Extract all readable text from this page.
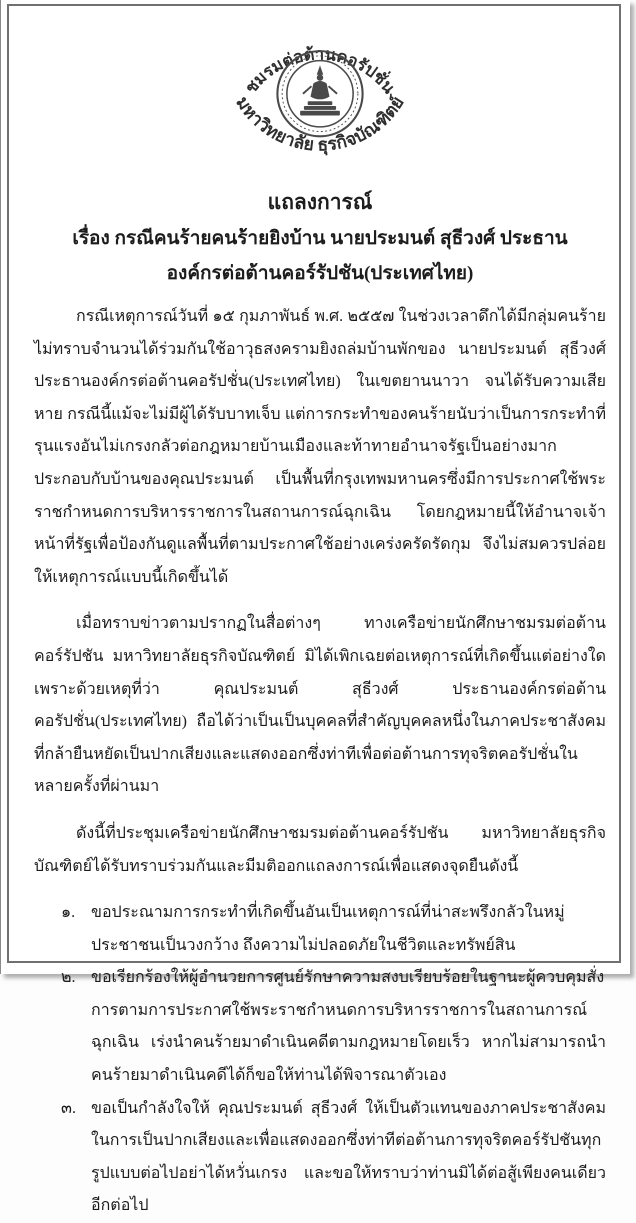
ชมรมต่อต้านคอรัปชั่น
มหาวิทยาลัย ธุรกิจบัณฑิตย์
แถลงการณ์
เรื่อง กรณีคนร้ายคนร้ายยิงบ้าน นายประมนต์ สุธีวงศ์ ประธานองค์กรต่อต้านคอร์รัปชัน(ประเทศไทย)

กรณีเหตุการณ์วันที่ ๑๕ กุมภาพันธ์ พ.ศ. ๒๕๕๗ ในช่วงเวลาดึกได้มีกลุ่มคนร้ายไม่ทราบจำนวนได้ร่วมกันใช้อาวุธสงครามยิงถล่มบ้านพักของ นายประมนต์ สุธีวงศ์ ประธานองค์กรต่อต้านคอรัปชั่น(ประเทศไทย) ในเขตยานนาวา จนได้รับความเสียหาย กรณีนี้แม้จะไม่มีผู้ได้รับบาทเจ็บ แต่การกระทำของคนร้ายนับว่าเป็นการกระทำที่รุนแรงอันไม่เกรงกลัวต่อกฎหมายบ้านเมืองและท้าทายอำนาจรัฐเป็นอย่างมาก ประกอบกับบ้านของคุณประมนต์ เป็นพื้นที่กรุงเทพมหานครซึ่งมีการประกาศใช้พระราชกำหนดการบริหารราชการในสถานการณ์ฉุกเฉิน โดยกฎหมายนี้ให้อำนาจเจ้าหน้าที่รัฐเพื่อป้องกันดูแลพื้นที่ตามประกาศใช้อย่างเคร่งครัดรัดกุม จึงไม่สมควรปล่อยให้เหตุการณ์แบบนี้เกิดขึ้นได้

เมื่อทราบข่าวตามปรากฏในสื่อต่างๆ ทางเครือข่ายนักศึกษาชมรมต่อต้านคอร์รัปชัน มหาวิทยาลัยธุรกิจบัณฑิตย์ มิได้เพิกเฉยต่อเหตุการณ์ที่เกิดขึ้นแต่อย่างใด เพราะด้วยเหตุที่ว่า คุณประมนต์ สุธีวงศ์ ประธานองค์กรต่อต้านคอรัปชั่น(ประเทศไทย) ถือได้ว่าเป็นเป็นบุคคลที่สำคัญบุคคลหนึ่งในภาคประชาสังคมที่กล้ายืนหยัดเป็นปากเสียงและแสดงออกซึ่งท่าทีเพื่อต่อต้านการทุจริตคอรัปชั่นในหลายครั้งที่ผ่านมา

ดังนี้ที่ประชุมเครือข่ายนักศึกษาชมรมต่อต้านคอร์รัปชัน มหาวิทยาลัยธุรกิจบัณฑิตย์ได้รับทราบร่วมกันและมีมติออกแถลงการณ์เพื่อแสดงจุดยืนดังนี้

๑. ขอประณามการกระทำที่เกิดขึ้นอันเป็นเหตุการณ์ที่น่าสะพรึงกลัวในหมู่ประชาชนเป็นวงกว้าง ถึงความไม่ปลอดภัยในชีวิตและทรัพย์สิน
๒. ขอเรียกร้องให้ผู้อำนวยการศูนย์รักษาความสงบเรียบร้อยในฐานะผู้ควบคุมสั่งการตามการประกาศใช้พระราชกำหนดการบริหารราชการในสถานการณ์ฉุกเฉิน เร่งนำคนร้ายมาดำเนินคดีตามกฎหมายโดยเร็ว หากไม่สามารถนำคนร้ายมาดำเนินคดีได้ก็ขอให้ท่านได้พิจารณาตัวเอง
๓. ขอเป็นกำลังใจให้ คุณประมนต์ สุธีวงศ์ ให้เป็นตัวแทนของภาคประชาสังคมในการเป็นปากเสียงและเพื่อแสดงออกซึ่งท่าทีต่อต้านการทุจริตคอร์รัปชันทุกรูปแบบต่อไปอย่าได้หวั่นเกรง และขอให้ทราบว่าท่านมิได้ต่อสู้เพียงคนเดียวอีกต่อไป
